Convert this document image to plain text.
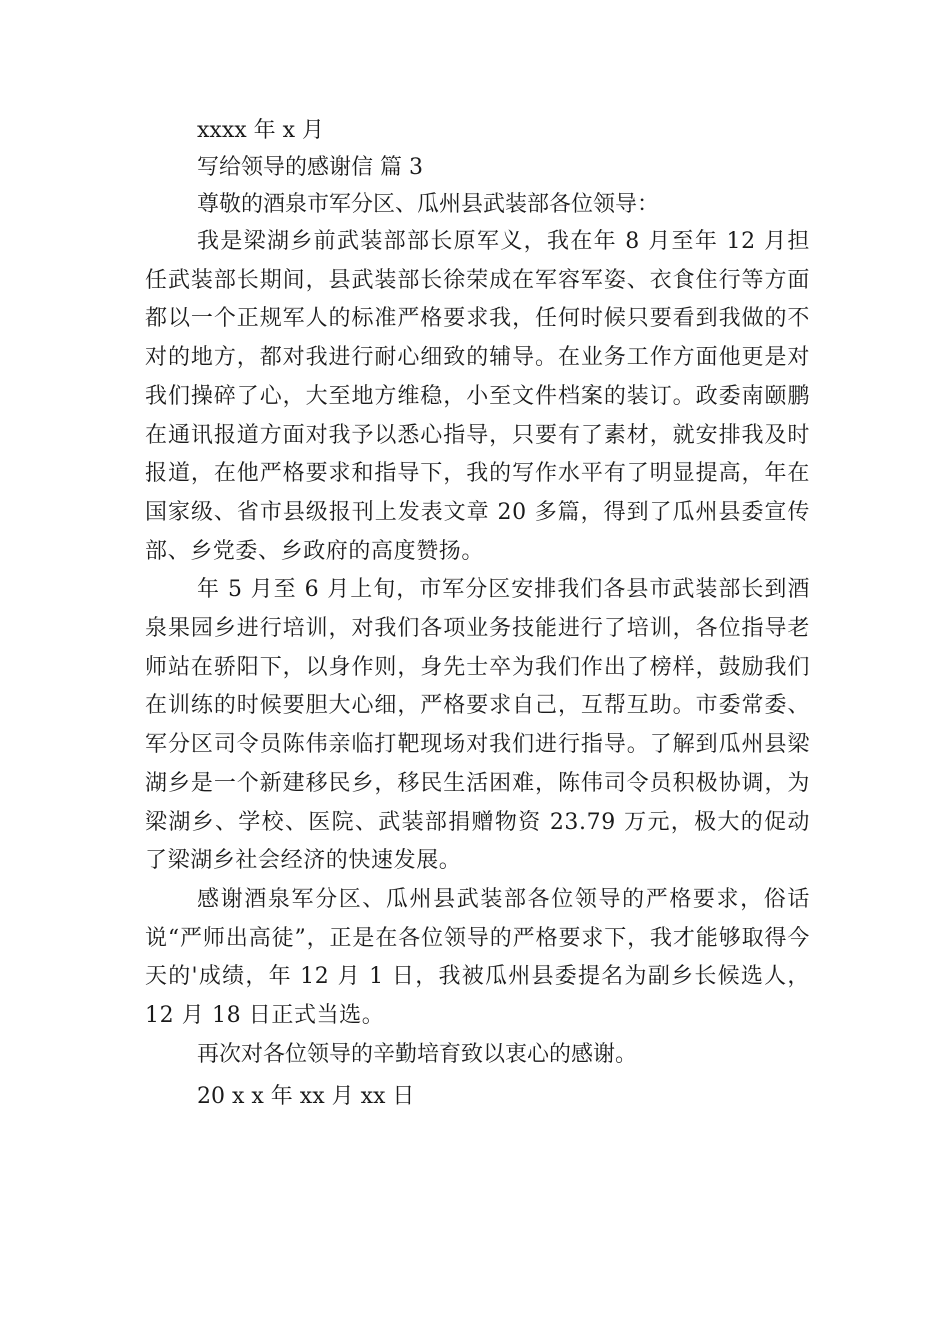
xxxx 年 x 月
写给领导的感谢信 篇 3
尊敬的酒泉市军分区、瓜州县武装部各位领导：

我是梁湖乡前武装部部长原军义，我在年 8 月至年 12 月担任武装部长期间，县武装部长徐荣成在军容军姿、衣食住行等方面都以一个正规军人的标准严格要求我，任何时候只要看到我做的不对的地方，都对我进行耐心细致的辅导。在业务工作方面他更是对我们操碎了心，大至地方维稳，小至文件档案的装订。政委南颐鹏在通讯报道方面对我予以悉心指导，只要有了素材，就安排我及时报道，在他严格要求和指导下，我的写作水平有了明显提高，年在国家级、省市县级报刊上发表文章 20 多篇，得到了瓜州县委宣传部、乡党委、乡政府的高度赞扬。

年 5 月至 6 月上旬，市军分区安排我们各县市武装部长到酒泉果园乡进行培训，对我们各项业务技能进行了培训，各位指导老师站在骄阳下，以身作则，身先士卒为我们作出了榜样，鼓励我们在训练的时候要胆大心细，严格要求自己，互帮互助。市委常委、军分区司令员陈伟亲临打靶现场对我们进行指导。了解到瓜州县梁湖乡是一个新建移民乡，移民生活困难，陈伟司令员积极协调，为梁湖乡、学校、医院、武装部捐赠物资 23.79 万元，极大的促动了梁湖乡社会经济的快速发展。

感谢酒泉军分区、瓜州县武装部各位领导的严格要求，俗话说“严师出高徒”，正是在各位领导的严格要求下，我才能够取得今天的'成绩，年 12 月 1 日，我被瓜州县委提名为副乡长候选人，12 月 18 日正式当选。

再次对各位领导的辛勤培育致以衷心的感谢。

20 x x 年 xx 月 xx 日
